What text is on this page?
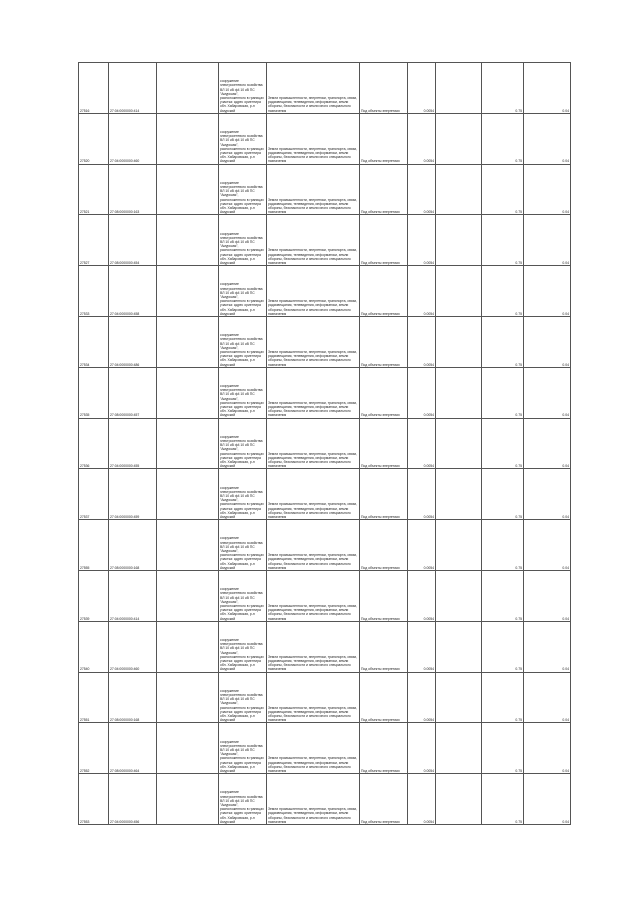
27516	27:04:0000000:414		сооружение электросетевого хозяйства ВЛ 10 кВ ф4 10 кВ ПС "Амурская", расположенного в границах участка: адрес ориентира обл. Хабаровская, р-н Амурский	Земли промышленности, энергетики, транспорта, связи, радиовещания, телевидения, информатики, земли обороны, безопасности и земли иного специального назначения	Под объекты энергетики	0.0054		0.75	0.04
27520	27:04:0000000:460		сооружение электросетевого хозяйства ВЛ 10 кВ ф4 10 кВ ПС "Амурская", расположенного в границах участка: адрес ориентира обл. Хабаровская, р-н Амурский	Земли промышленности, энергетики, транспорта, связи, радиовещания, телевидения, информатики, земли обороны, безопасности и земли иного специального назначения	Под объекты энергетики	0.0054		0.75	0.04
27521	27:08:0000000:163		сооружение электросетевого хозяйства ВЛ 10 кВ ф4 10 кВ ПС "Амурская", расположенного в границах участка: адрес ориентира обл. Хабаровская, р-н Амурский	Земли промышленности, энергетики, транспорта, связи, радиовещания, телевидения, информатики, земли обороны, безопасности и земли иного специального назначения	Под объекты энергетики	0.0054		0.75	0.04
27527	27:08:0000000:454		сооружение электросетевого хозяйства ВЛ 10 кВ ф4 10 кВ ПС "Амурская", расположенного в границах участка: адрес ориентира обл. Хабаровская, р-н Амурский	Земли промышленности, энергетики, транспорта, связи, радиовещания, телевидения, информатики, земли обороны, безопасности и земли иного специального назначения	Под объекты энергетики	0.0054		0.75	0.04
27533	27:04:0000000:458		сооружение электросетевого хозяйства ВЛ 10 кВ ф4 10 кВ ПС "Амурская", расположенного в границах участка: адрес ориентира обл. Хабаровская, р-н Амурский	Земли промышленности, энергетики, транспорта, связи, радиовещания, телевидения, информатики, земли обороны, безопасности и земли иного специального назначения	Под объекты энергетики	0.0054		0.75	0.04
27534	27:04:0000000:486		сооружение электросетевого хозяйства ВЛ 10 кВ ф4 10 кВ ПС "Амурская", расположенного в границах участка: адрес ориентира обл. Хабаровская, р-н Амурский	Земли промышленности, энергетики, транспорта, связи, радиовещания, телевидения, информатики, земли обороны, безопасности и земли иного специального назначения	Под объекты энергетики	0.0054		0.75	0.04
27535	27:08:0000000:457		сооружение электросетевого хозяйства ВЛ 10 кВ ф4 10 кВ ПС "Амурская", расположенного в границах участка: адрес ориентира обл. Хабаровская, р-н Амурский	Земли промышленности, энергетики, транспорта, связи, радиовещания, телевидения, информатики, земли обороны, безопасности и земли иного специального назначения	Под объекты энергетики	0.0054		0.75	0.04
27536	27:04:0000000:455		сооружение электросетевого хозяйства ВЛ 10 кВ ф4 10 кВ ПС "Амурская", расположенного в границах участка: адрес ориентира обл. Хабаровская, р-н Амурский	Земли промышленности, энергетики, транспорта, связи, радиовещания, телевидения, информатики, земли обороны, безопасности и земли иного специального назначения	Под объекты энергетики	0.0054		0.75	0.04
27537	27:04:0000000:459		сооружение электросетевого хозяйства ВЛ 10 кВ ф4 10 кВ ПС "Амурская", расположенного в границах участка: адрес ориентира обл. Хабаровская, р-н Амурский	Земли промышленности, энергетики, транспорта, связи, радиовещания, телевидения, информатики, земли обороны, безопасности и земли иного специального назначения	Под объекты энергетики	0.0054		0.75	0.04
27555	27:08:0000000:168		сооружение электросетевого хозяйства ВЛ 10 кВ ф4 10 кВ ПС "Амурская", расположенного в границах участка: адрес ориентира обл. Хабаровская, р-н Амурский	Земли промышленности, энергетики, транспорта, связи, радиовещания, телевидения, информатики, земли обороны, безопасности и земли иного специального назначения	Под объекты энергетики	0.0054		0.75	0.04
27539	27:04:0000000:414		сооружение электросетевого хозяйства ВЛ 10 кВ ф4 10 кВ ПС "Амурская", расположенного в границах участка: адрес ориентира обл. Хабаровская, р-н Амурский	Земли промышленности, энергетики, транспорта, связи, радиовещания, телевидения, информатики, земли обороны, безопасности и земли иного специального назначения	Под объекты энергетики	0.0054		0.75	0.04
27540	27:04:0000000:460		сооружение электросетевого хозяйства ВЛ 10 кВ ф4 10 кВ ПС "Амурская", расположенного в границах участка: адрес ориентира обл. Хабаровская, р-н Амурский	Земли промышленности, энергетики, транспорта, связи, радиовещания, телевидения, информатики, земли обороны, безопасности и земли иного специального назначения	Под объекты энергетики	0.0054		0.75	0.04
27551	27:08:0000000:168		сооружение электросетевого хозяйства ВЛ 10 кВ ф4 10 кВ ПС "Амурская", расположенного в границах участка: адрес ориентира обл. Хабаровская, р-н Амурский	Земли промышленности, энергетики, транспорта, связи, радиовещания, телевидения, информатики, земли обороны, безопасности и земли иного специального назначения	Под объекты энергетики	0.0054		0.75	0.04
27552	27:08:0000000:464		сооружение электросетевого хозяйства ВЛ 10 кВ ф4 10 кВ ПС "Амурская", расположенного в границах участка: адрес ориентира обл. Хабаровская, р-н Амурский	Земли промышленности, энергетики, транспорта, связи, радиовещания, телевидения, информатики, земли обороны, безопасности и земли иного специального назначения	Под объекты энергетики	0.0054		0.75	0.04
27553	27:04:0000000:456		сооружение электросетевого хозяйства ВЛ 10 кВ ф4 10 кВ ПС "Амурская", расположенного в границах участка: адрес ориентира обл. Хабаровская, р-н Амурский	Земли промышленности, энергетики, транспорта, связи, радиовещания, телевидения, информатики, земли обороны, безопасности и земли иного специального назначения	Под объекты энергетики	0.0054		0.75	0.04
